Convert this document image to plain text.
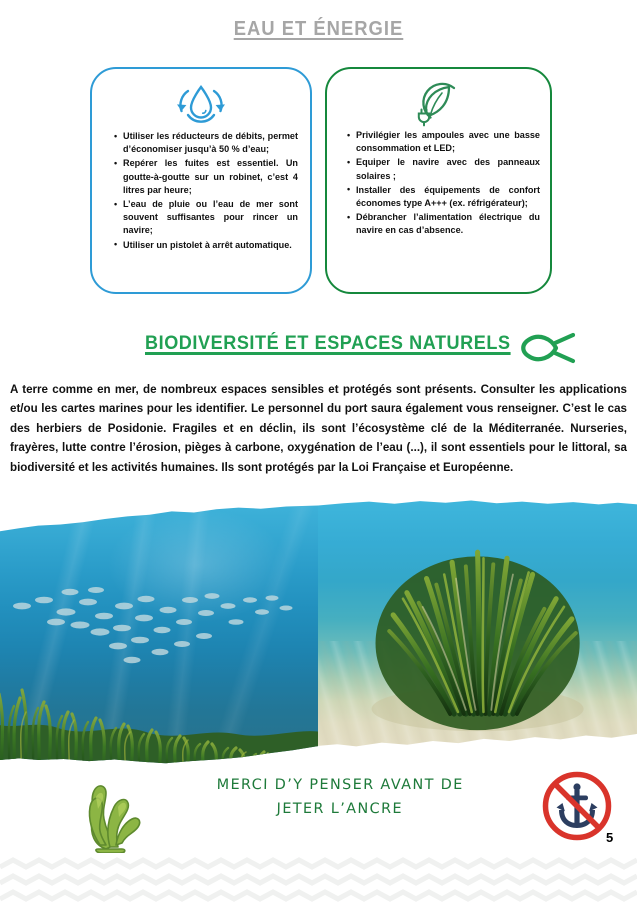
EAU ET ÉNERGIE
• Utiliser les réducteurs de débits, permet d’économiser jusqu’à 50 % d’eau;
• Repérer les fuites est essentiel. Un goutte-à-goutte sur un robinet, c’est 4 litres par heure;
• L’eau de pluie ou l’eau de mer sont souvent suffisantes pour rincer un navire;
• Utiliser un pistolet à arrêt automatique.
• Privilégier les ampoules avec une basse consommation et LED;
• Equiper le navire avec des panneaux solaires ;
• Installer des équipements de confort économes type A+++ (ex. réfrigérateur);
• Débrancher l’alimentation électrique du navire en cas d’absence.
BIODIVERSITÉ ET ESPACES NATURELS
A terre comme en mer, de nombreux espaces sensibles et protégés sont présents. Consulter les applications et/ou les cartes marines pour les identifier. Le personnel du port saura également vous renseigner. C’est le cas des herbiers de Posidonie. Fragiles et en déclin, ils sont l’écosystème clé de la Méditerranée. Nurseries, frayères, lutte contre l’érosion, pièges à carbone, oxygénation de l’eau (...), il sont essentiels pour le littoral, sa biodiversité et les activités humaines. Ils sont protégés par la Loi Française et Européenne.
MERCI D’Y PENSER AVANT DE
JETER L’ANCRE
5
